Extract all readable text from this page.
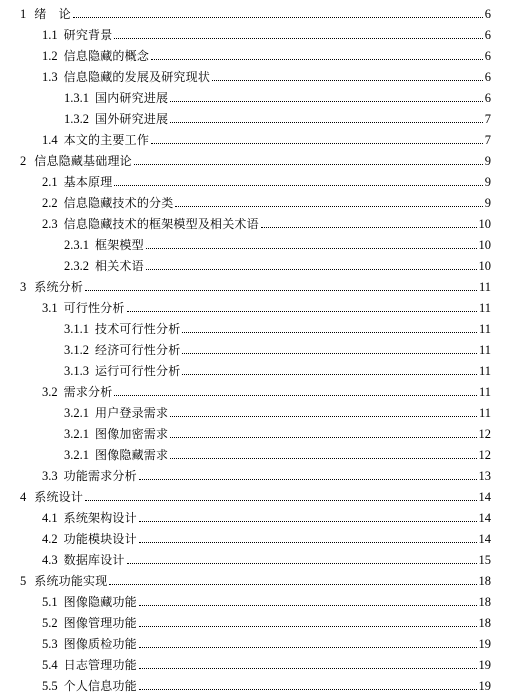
1 绪　论	6
1.1 研究背景	6
1.2 信息隐藏的概念	6
1.3 信息隐藏的发展及研究现状	6
1.3.1 国内研究进展	6
1.3.2 国外研究进展	7
1.4 本文的主要工作	7
2 信息隐藏基础理论	9
2.1 基本原理	9
2.2 信息隐藏技术的分类	9
2.3 信息隐藏技术的框架模型及相关术语	10
2.3.1 框架模型	10
2.3.2 相关术语	10
3 系统分析	11
3.1 可行性分析	11
3.1.1 技术可行性分析	11
3.1.2 经济可行性分析	11
3.1.3 运行可行性分析	11
3.2 需求分析	11
3.2.1 用户登录需求	11
3.2.1 图像加密需求	12
3.2.1 图像隐藏需求	12
3.3 功能需求分析	13
4 系统设计	14
4.1 系统架构设计	14
4.2 功能模块设计	14
4.3 数据库设计	15
5 系统功能实现	18
5.1 图像隐藏功能	18
5.2 图像管理功能	18
5.3 图像质检功能	19
5.4 日志管理功能	19
5.5 个人信息功能	19
